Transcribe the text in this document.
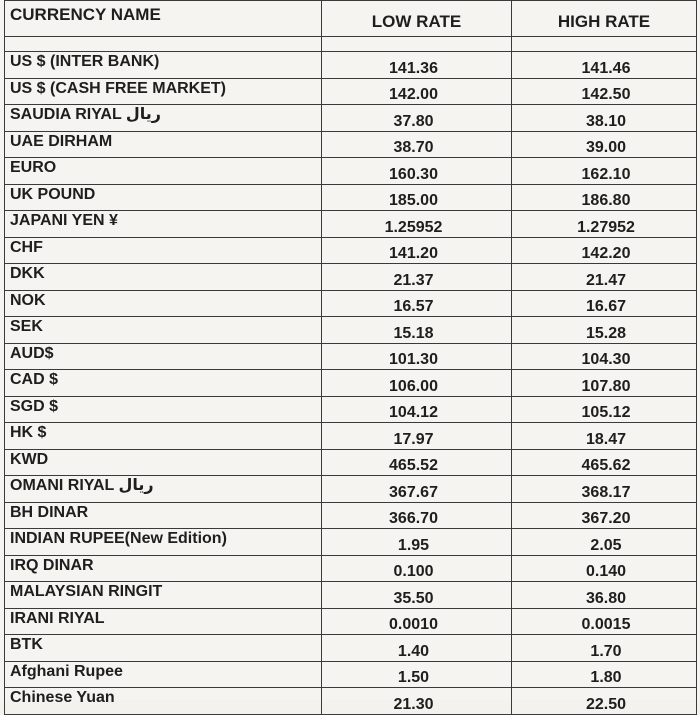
CURRENCY NAME	LOW RATE	HIGH RATE

US $ (INTER BANK)	141.36	141.46
US $ (CASH FREE MARKET)	142.00	142.50
SAUDIA RIYAL ریال	37.80	38.10
UAE DIRHAM	38.70	39.00
EURO	160.30	162.10
UK POUND	185.00	186.80
JAPANI YEN ¥	1.25952	1.27952
CHF	141.20	142.20
DKK	21.37	21.47
NOK	16.57	16.67
SEK	15.18	15.28
AUD$	101.30	104.30
CAD $	106.00	107.80
SGD $	104.12	105.12
HK $	17.97	18.47
KWD	465.52	465.62
OMANI RIYAL ریال	367.67	368.17
BH DINAR	366.70	367.20
INDIAN RUPEE(New Edition)	1.95	2.05
IRQ DINAR	0.100	0.140
MALAYSIAN RINGIT	35.50	36.80
IRANI RIYAL	0.0010	0.0015
BTK	1.40	1.70
Afghani Rupee	1.50	1.80
Chinese Yuan	21.30	22.50
